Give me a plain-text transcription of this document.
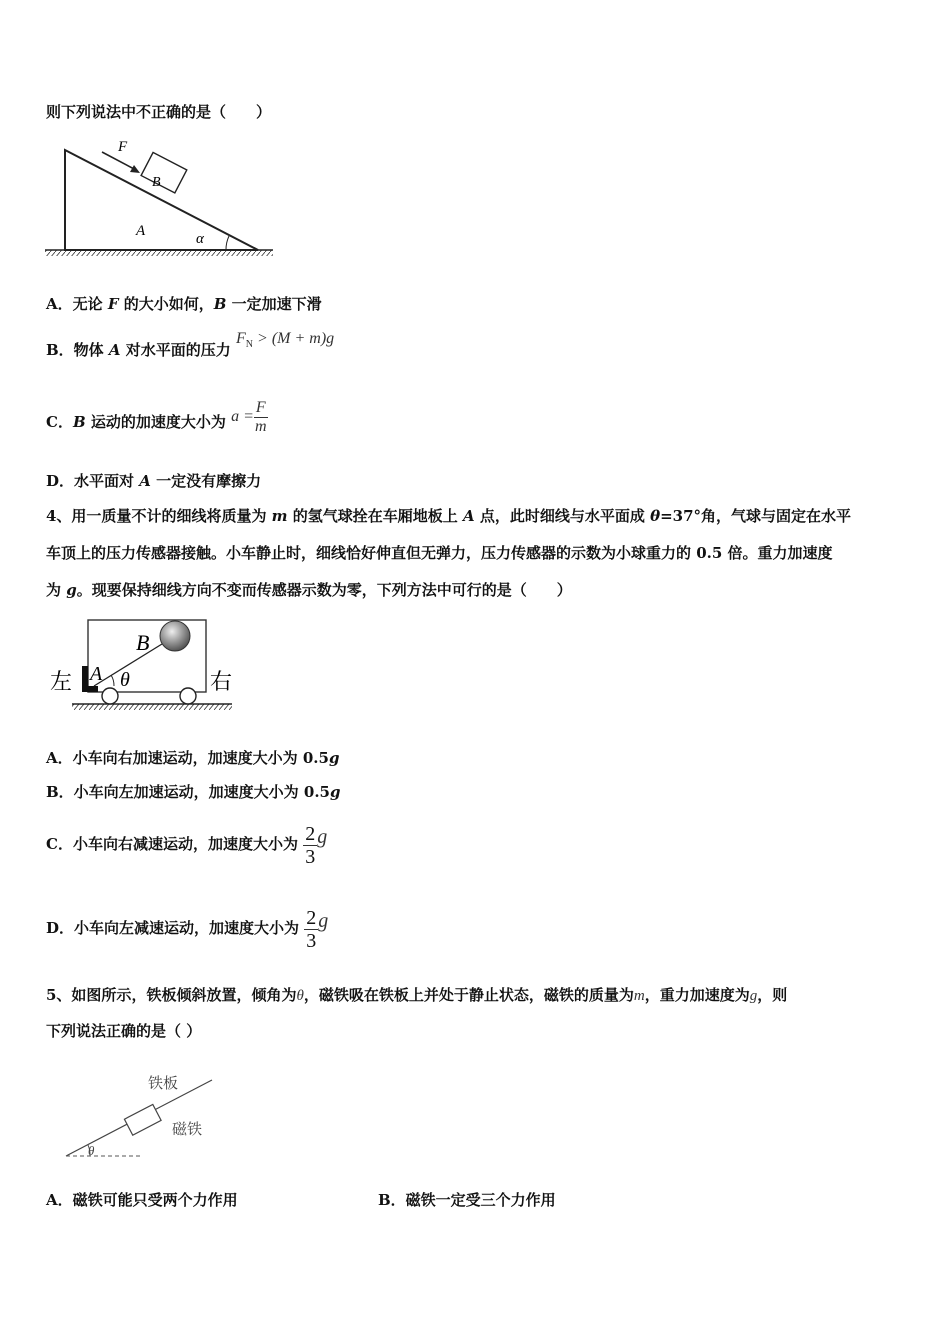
则下列说法中不正确的是（　　）
F
B
A	α
A．无论 F 的大小如何，B 一定加速下滑
B．物体 A 对水平面的压力 $F_N > (M + m)g$
C．B 运动的加速度大小为 $a = \frac{F}{m}$
D．水平面对 A 一定没有摩擦力
4、用一质量不计的细线将质量为 m 的氢气球拴在车厢地板上 A 点，此时细线与水平面成 θ=37°角，气球与固定在水平
车顶上的压力传感器接触。小车静止时，细线恰好伸直但无弹力，压力传感器的示数为小球重力的 0.5 倍。重力加速度
为 g。现要保持细线方向不变而传感器示数为零，下列方法中可行的是（　　）
左	右
A
B
θ
A．小车向右加速运动，加速度大小为 0.5g
B．小车向左加速运动，加速度大小为 0.5g
C．小车向右减速运动，加速度大小为 $\frac{2}{3}$ g
D．小车向左减速运动，加速度大小为 $\frac{2}{3}$ g
5、如图所示，铁板倾斜放置，倾角为θ，磁铁吸在铁板上并处于静止状态，磁铁的质量为m，重力加速度为g，则
下列说法正确的是（ ）
铁板
磁铁
θ
A．磁铁可能只受两个力作用	B．磁铁一定受三个力作用
